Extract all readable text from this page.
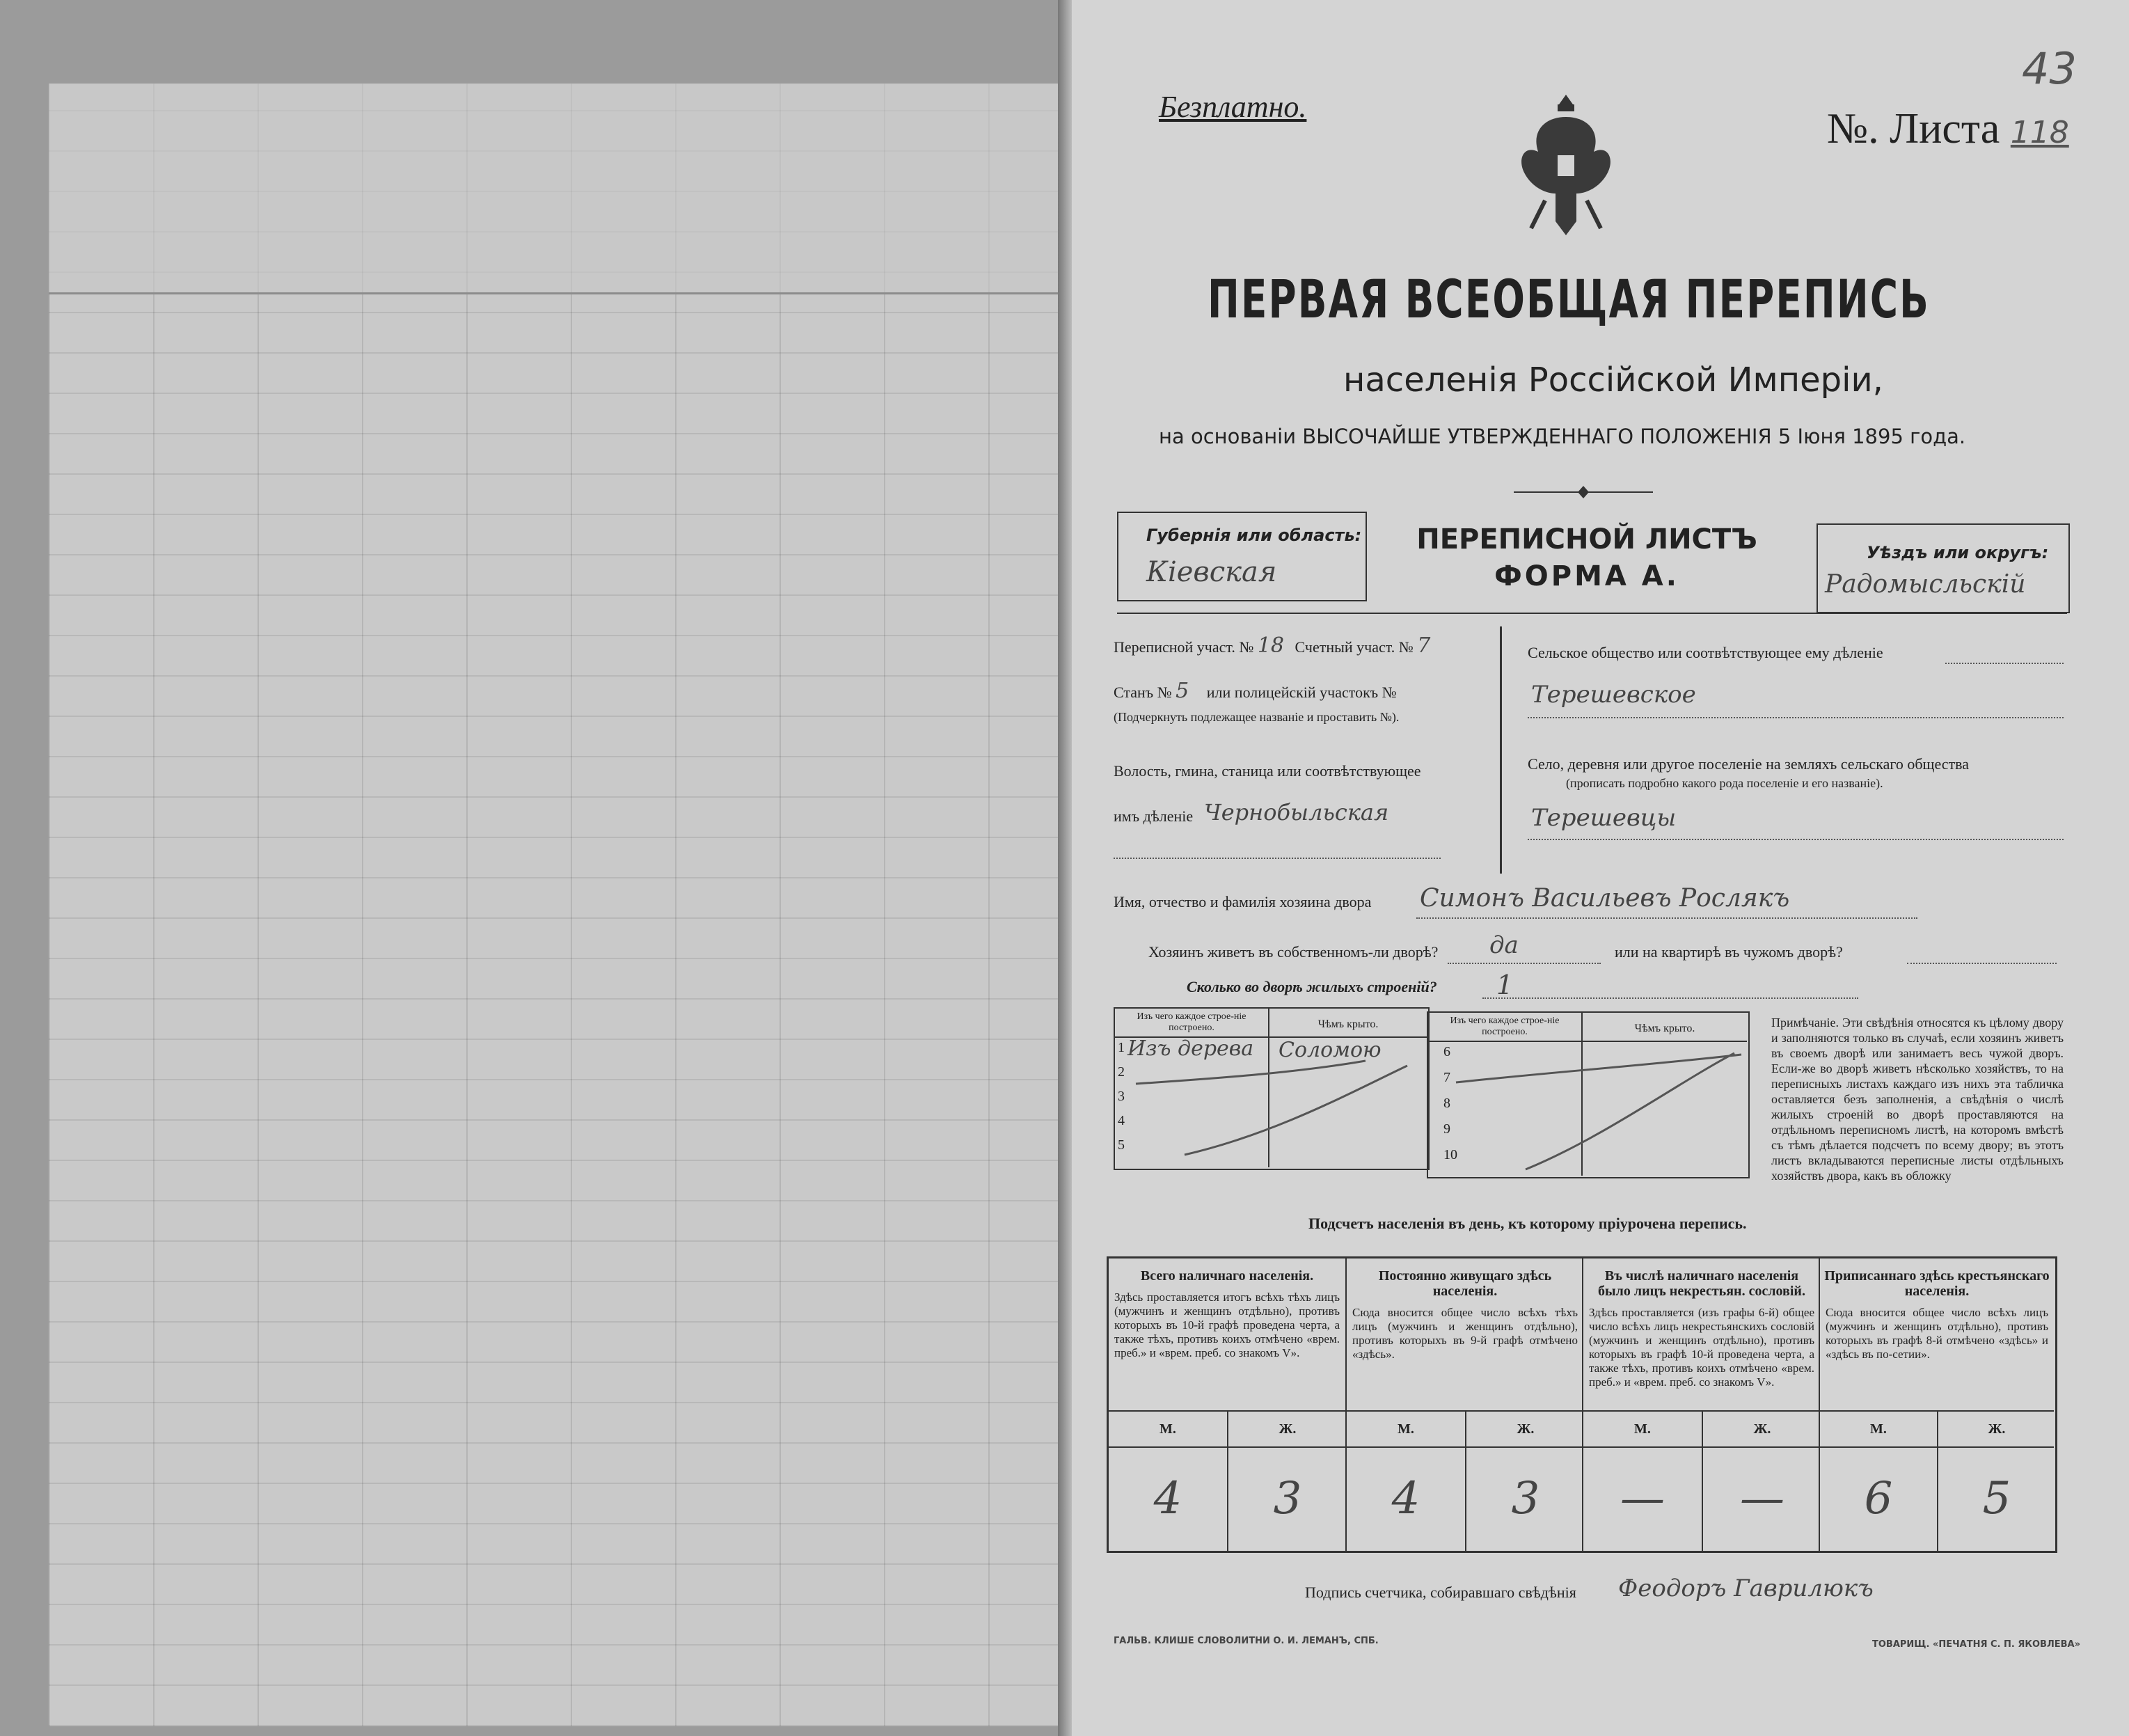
Безплатно.	№. Листа 118
43
ПЕРВАЯ ВСЕОБЩАЯ ПЕРЕПИСЬ
населенія Россійской Имперіи,
на основаніи ВЫСОЧАЙШЕ УТВЕРЖДЕННАГО ПОЛОЖЕНІЯ 5 Іюня 1895 года.
Губернія или область:
Кіевская
ПЕРЕПИСНОЙ ЛИСТЪ
ФОРМА А.
Уѣздъ или округъ:
Радомысльскій
Переписной участ. № 18 Счетный участ. № 7
Станъ № 5 или полицейскій участокъ №
(Подчеркнуть подлежащее названіе и проставить №).
Волость, гмина, станица или соотвѣтствующее
имъ дѣленіе Чернобыльская
Сельское общество или соотвѣтствующее ему дѣленіе
Терешевское
Село, деревня или другое поселеніе на земляхъ сельскаго общества
(прописать подробно какого рода поселеніе и его названіе).
Терешевцы
Имя, отчество и фамилія хозяина двора Симонъ Васильевъ Рослякъ
Хозяинъ живетъ въ собственномъ-ли дворѣ? да	или на квартирѣ въ чужомъ дворѣ?
Сколько во дворѣ жилыхъ строеній? 1
Изъ чего каждое строе-ніе построено.	Чѣмъ крыто.
1
2
3
4
5
Изъ дерева Соломою
Изъ чего каждое строе-ніе построено.	Чѣмъ крыто.
6
7
8
9
10
Примѣчаніе. Эти свѣдѣнія относятся къ цѣлому двору и заполняются только въ случаѣ, если хозяинъ живетъ въ своемъ дворѣ или занимаетъ весь чужой дворъ. Если-же во дворѣ живетъ нѣсколько хозяйствъ, то на переписныхъ листахъ каждаго изъ нихъ эта табличка оставляется безъ заполненія, а свѣдѣнія о числѣ жилыхъ строеній во дворѣ проставляются на отдѣльномъ переписномъ листѣ, на которомъ вмѣстѣ съ тѣмъ дѣлается подсчетъ по всему двору; въ этотъ листъ вкладываются переписные листы отдѣльныхъ хозяйствъ двора, какъ въ обложку
Подсчетъ населенія въ день, къ которому пріурочена перепись.
Всего наличнаго населенія.
Здѣсь проставляется итогъ всѣхъ тѣхъ лицъ (мужчинъ и женщинъ отдѣльно), противъ которыхъ въ 10-й графѣ проведена черта, а также тѣхъ, противъ коихъ отмѣчено «врем. преб.» и «врем. преб. со знакомъ V».
М.	Ж.
4	3
Постоянно живущаго здѣсь населенія.
Сюда вносится общее число всѣхъ тѣхъ лицъ (мужчинъ и женщинъ отдѣльно), противъ которыхъ въ 9-й графѣ отмѣчено «здѣсь».
М.	Ж.
4	3
Въ числѣ наличнаго населенія было лицъ некрестьян. сословій.
Здѣсь проставляется (изъ графы 6-й) общее число всѣхъ лицъ некрестьянскихъ сословій (мужчинъ и женщинъ отдѣльно), противъ которыхъ въ графѣ 10-й проведена черта, а также тѣхъ, противъ коихъ отмѣчено «врем. преб.» и «врем. преб. со знакомъ V».
М.	Ж.
—	—
Приписаннаго здѣсь крестьянскаго населенія.
Сюда вносится общее число всѣхъ лицъ (мужчинъ и женщинъ отдѣльно), противъ которыхъ въ графѣ 8-й отмѣчено «здѣсь» и «здѣсь въ по-сетии».
М.	Ж.
6	5
Подпись счетчика, собиравшаго свѣдѣнія Феодоръ Гаврилюкъ
ГАЛЬВ. КЛИШЕ СЛОВОЛИТНИ О. И. ЛЕМАНЪ, СПБ.	ТОВАРИЩ. «ПЕЧАТНЯ С. П. ЯКОВЛЕВА»
